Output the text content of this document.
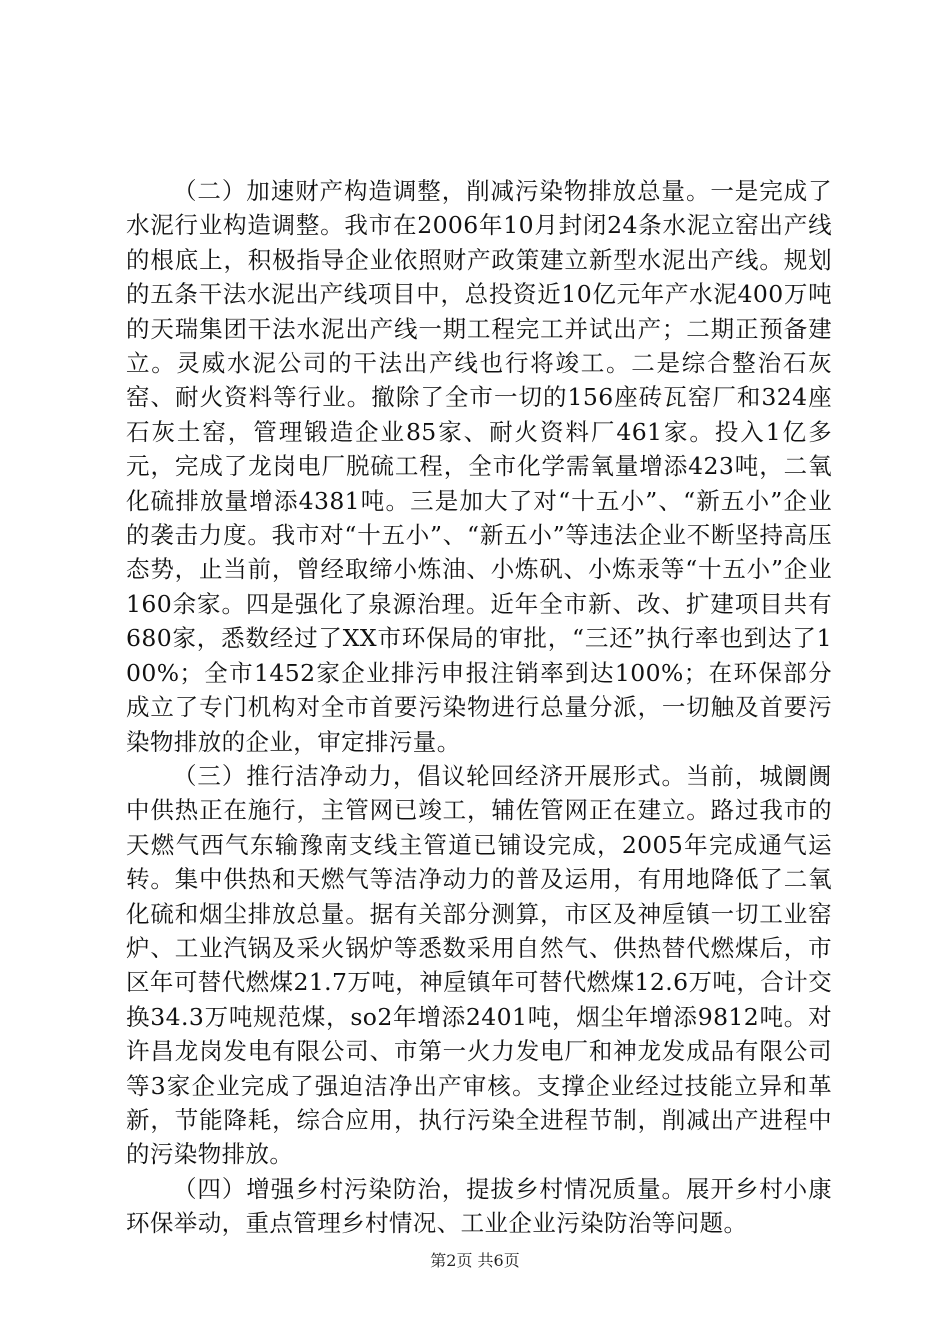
（二）加速财产构造调整，削减污染物排放总量。一是完成了水泥行业构造调整。我市在2006年10月封闭24条水泥立窑出产线的根底上，积极指导企业依照财产政策建立新型水泥出产线。规划的五条干法水泥出产线项目中，总投资近10亿元年产水泥400万吨的天瑞集团干法水泥出产线一期工程完工并试出产；二期正预备建立。灵威水泥公司的干法出产线也行将竣工。二是综合整治石灰窑、耐火资料等行业。撤除了全市一切的156座砖瓦窑厂和324座石灰土窑，管理锻造企业85家、耐火资料厂461家。投入1亿多元，完成了龙岗电厂脱硫工程，全市化学需氧量增添423吨，二氧化硫排放量增添4381吨。三是加大了对“十五小”、“新五小”企业的袭击力度。我市对“十五小”、“新五小”等违法企业不断坚持高压态势，止当前，曾经取缔小炼油、小炼矾、小炼汞等“十五小”企业160余家。四是强化了泉源治理。近年全市新、改、扩建项目共有680家，悉数经过了XX市环保局的审批，“三还”执行率也到达了100%；全市1452家企业排污申报注销率到达100%；在环保部分成立了专门机构对全市首要污染物进行总量分派，一切触及首要污染物排放的企业，审定排污量。

（三）推行洁净动力，倡议轮回经济开展形式。当前，城阛阓中供热正在施行，主管网已竣工，辅佐管网正在建立。路过我市的天燃气西气东输豫南支线主管道已铺设完成，2005年完成通气运转。集中供热和天燃气等洁净动力的普及运用，有用地降低了二氧化硫和烟尘排放总量。据有关部分测算，市区及神垕镇一切工业窑炉、工业汽锅及采火锅炉等悉数采用自然气、供热替代燃煤后，市区年可替代燃煤21.7万吨，神垕镇年可替代燃煤12.6万吨，合计交换34.3万吨规范煤，so2年增添2401吨，烟尘年增添9812吨。对许昌龙岗发电有限公司、市第一火力发电厂和神龙发成品有限公司等3家企业完成了强迫洁净出产审核。支撑企业经过技能立异和革新，节能降耗，综合应用，执行污染全进程节制，削减出产进程中的污染物排放。

（四）增强乡村污染防治，提拔乡村情况质量。展开乡村小康环保举动，重点管理乡村情况、工业企业污染防治等问题。

第2页 共6页
